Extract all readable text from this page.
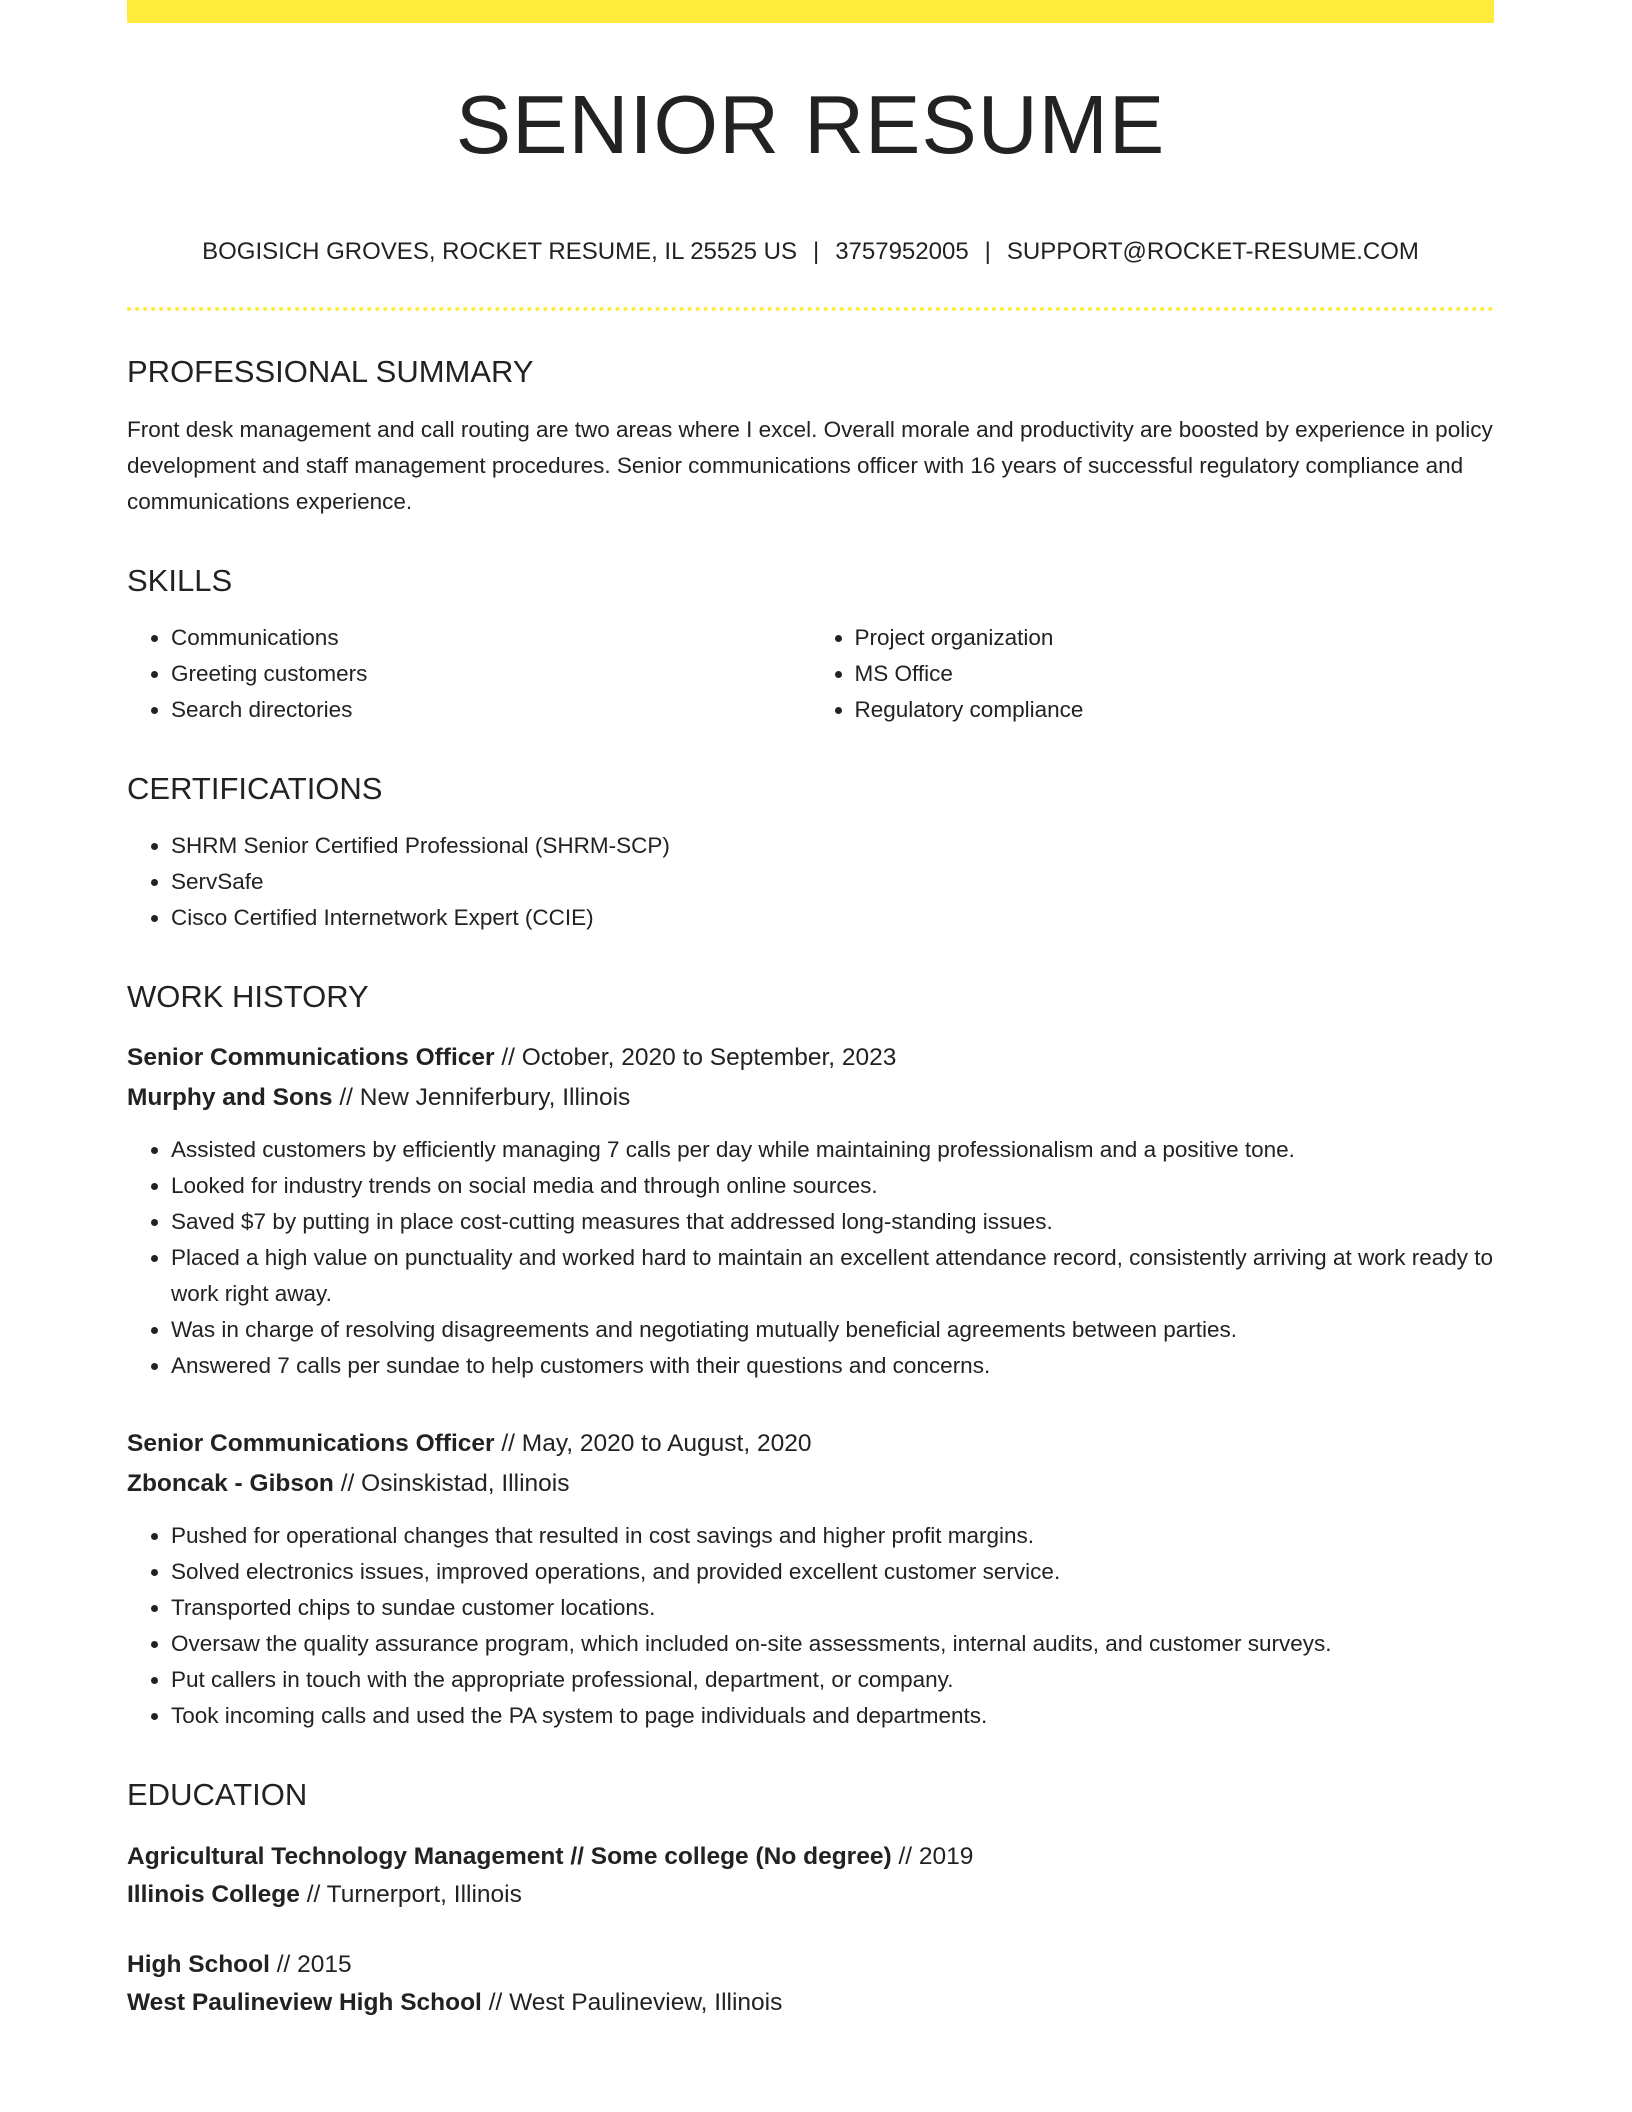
SENIOR RESUME
BOGISICH GROVES, ROCKET RESUME, IL 25525 US | 3757952005 | SUPPORT@ROCKET-RESUME.COM
PROFESSIONAL SUMMARY

Front desk management and call routing are two areas where I excel. Overall morale and productivity are boosted by experience in policy development and staff management procedures. Senior communications officer with 16 years of successful regulatory compliance and communications experience.

SKILLS
• Communications
• Greeting customers
• Search directories
• Project organization
• MS Office
• Regulatory compliance
CERTIFICATIONS
• SHRM Senior Certified Professional (SHRM-SCP)
• ServSafe
• Cisco Certified Internetwork Expert (CCIE)
WORK HISTORY

Senior Communications Officer // October, 2020 to September, 2023

Murphy and Sons // New Jenniferbury, Illinois

• Assisted customers by efficiently managing 7 calls per day while maintaining professionalism and a positive tone.
• Looked for industry trends on social media and through online sources.
• Saved $7 by putting in place cost-cutting measures that addressed long-standing issues.
• Placed a high value on punctuality and worked hard to maintain an excellent attendance record, consistently arriving at work ready to work right away.
• Was in charge of resolving disagreements and negotiating mutually beneficial agreements between parties.
• Answered 7 calls per sundae to help customers with their questions and concerns.

Senior Communications Officer // May, 2020 to August, 2020

Zboncak - Gibson // Osinskistad, Illinois

• Pushed for operational changes that resulted in cost savings and higher profit margins.
• Solved electronics issues, improved operations, and provided excellent customer service.
• Transported chips to sundae customer locations.
• Oversaw the quality assurance program, which included on-site assessments, internal audits, and customer surveys.
• Put callers in touch with the appropriate professional, department, or company.
• Took incoming calls and used the PA system to page individuals and departments.
EDUCATION

Agricultural Technology Management // Some college (No degree) // 2019

Illinois College // Turnerport, Illinois

High School // 2015

West Paulineview High School // West Paulineview, Illinois
